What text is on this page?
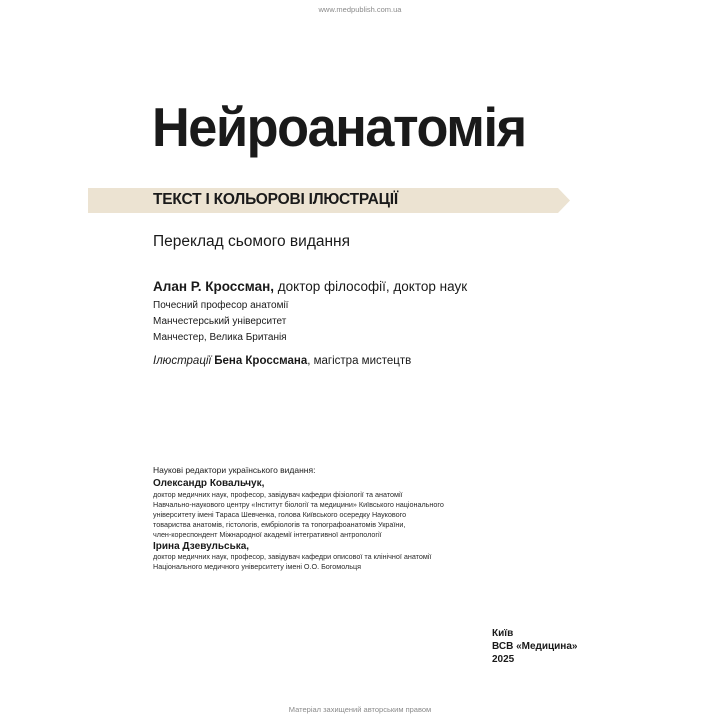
www.medpublish.com.ua
Нейроанатомія
ТЕКСТ І КОЛЬОРОВІ ІЛЮСТРАЦІЇ
Переклад сьомого видання
Алан Р. Кроссман, доктор філософії, доктор наук
Почесний професор анатомії
Манчестерський університет
Манчестер, Велика Британія
Ілюстрації Бена Кроссмана, магістра мистецтв
Наукові редактори українського видання:
Олександр Ковальчук,
доктор медичних наук, професор, завідувач кафедри фізіології та анатомії
Навчально-наукового центру «Інститут біології та медицини» Київського національного
університету імені Тараса Шевченка, голова Київського осередку Наукового
товариства анатомів, гістологів, ембріологів та топографоанатомів України,
член-кореспондент Міжнародної академії інтегративної антропології
Ірина Дзевульська,
доктор медичних наук, професор, завідувач кафедри описової та клінічної анатомії
Національного медичного університету імені О.О. Богомольця
Київ
ВСВ «Медицина»
2025
Матеріал захищений авторським правом
